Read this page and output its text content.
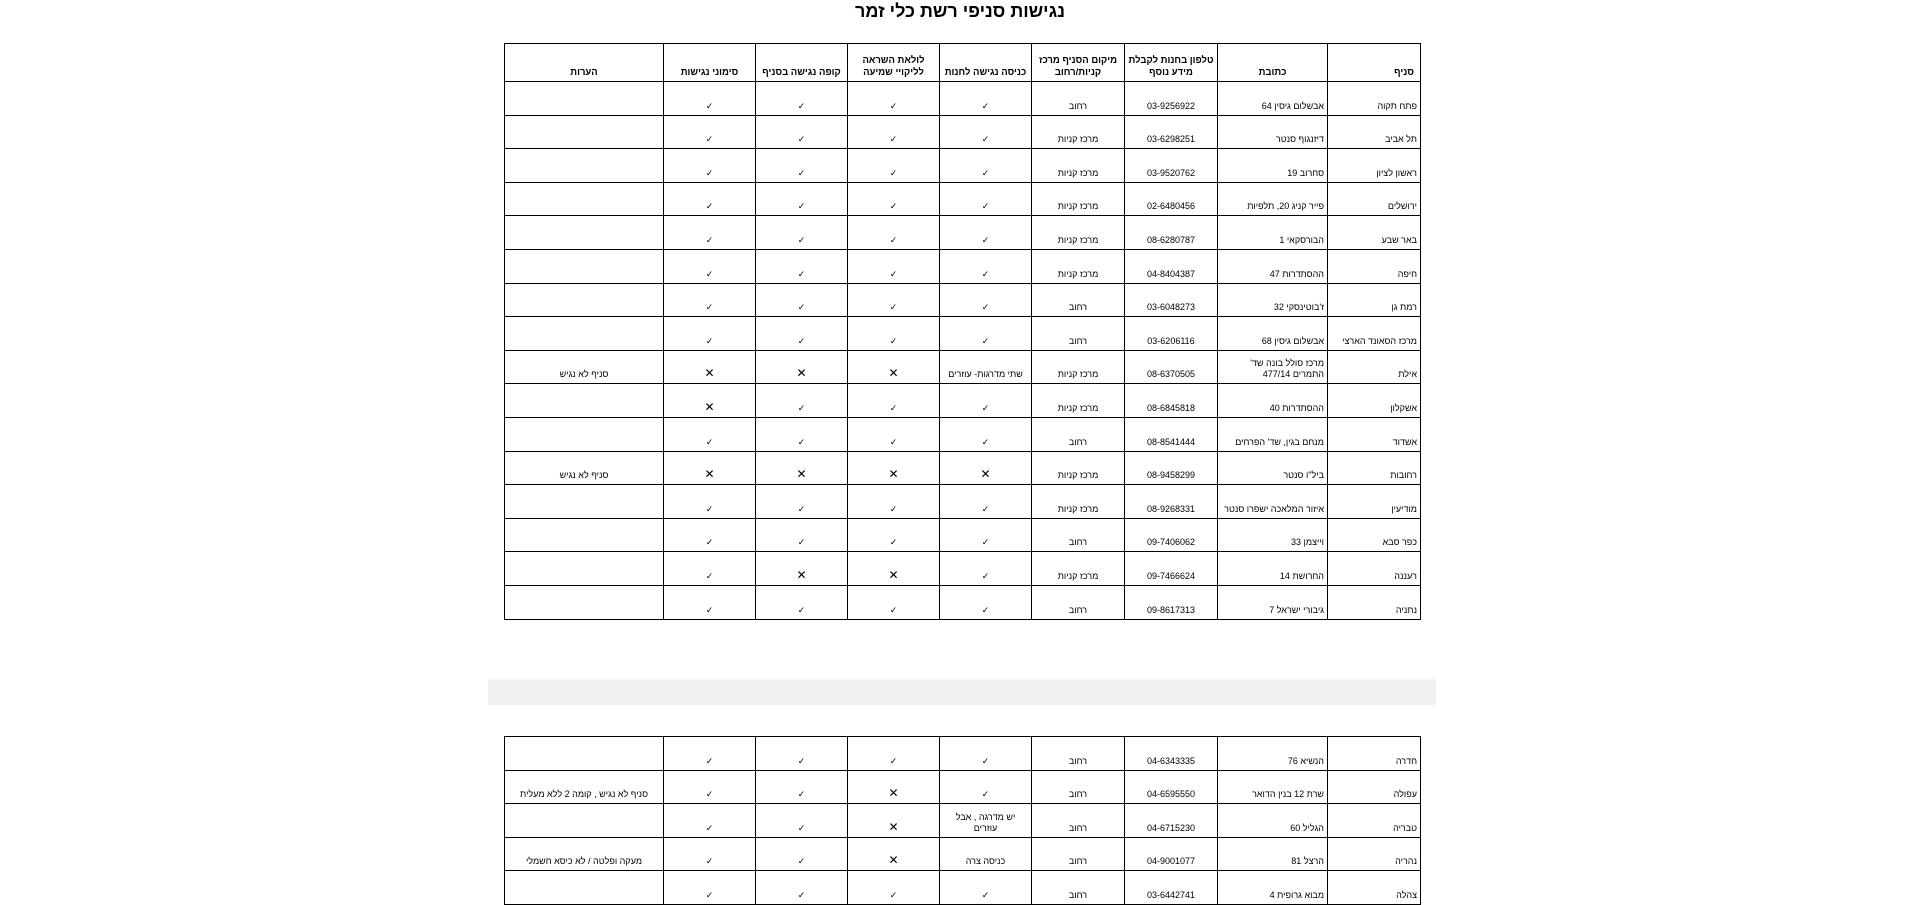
נגישות סניפי רשת כלי זמר
סניף	כתובת	טלפון בחנות לקבלת מידע נוסף	מיקום הסניף מרכז קניות/רחוב	כניסה נגישה לחנות	לולאת השראה לליקויי שמיעה	קופה נגישה בסניף	סימוני נגישות	הערות
פתח תקוה	אבשלום גיסין 64	03-9256922	רחוב	✓	✓	✓	✓	
תל אביב	דיזנגוף סנטר	03-6298251	מרכז קניות	✓	✓	✓	✓	
ראשון לציון	סחרוב 19	03-9520762	מרכז קניות	✓	✓	✓	✓	
ירושלים	פייר קניג 20, תלפיות	02-6480456	מרכז קניות	✓	✓	✓	✓	
באר שבע	הבורסקאי 1	08-6280787	מרכז קניות	✓	✓	✓	✓	
חיפה	ההסתדרות 47	04-8404387	מרכז קניות	✓	✓	✓	✓	
רמת גן	ז'בוטינסקי 32	03-6048273	רחוב	✓	✓	✓	✓	
מרכז הסאונד הארצי	אבשלום גיסין 68	03-6206116	רחוב	✓	✓	✓	✓	
אילת	מרכז סולל בונה שד' התמרים 477/14	08-6370505	מרכז קניות	שתי מדרגות- עוזרים	✕	✕	✕	סניף לא נגיש
אשקלון	ההסתדרות 40	08-6845818	מרכז קניות	✓	✓	✓	✕	
אשדוד	מנחם בגין, שד' הפרחים	08-8541444	רחוב	✓	✓	✓	✓	
רחובות	ביל"ו סנטר	08-9458299	מרכז קניות	✕	✕	✕	✕	סניף לא נגיש
מודיעין	איזור המלאכה ישפרו סנטר	08-9268331	מרכז קניות	✓	✓	✓	✓	
כפר סבא	וייצמן 33	09-7406062	רחוב	✓	✓	✓	✓	
רעננה	החרושת 14	09-7466624	מרכז קניות	✓	✕	✕	✓	
נתניה	גיבורי ישראל 7	09-8617313	רחוב	✓	✓	✓	✓	
חדרה	הנשיא 76	04-6343335	רחוב	✓	✓	✓	✓	
עפולה	שרת 12 בנין הדואר	04-6595550	רחוב	✓	✕	✓	✓	סניף לא נגיש , קומה 2 ללא מעלית
טבריה	הגליל 60	04-6715230	רחוב	יש מדרגה , אבל עוזרים	✕	✓	✓	
נהריה	הרצל 81	04-9001077	רחוב	כניסה צרה	✕	✓	✓	מעקה ופלטה / לא כיסא חשמלי
צהלה	מבוא גרופית 4	03-6442741	רחוב	✓	✓	✓	✓	
